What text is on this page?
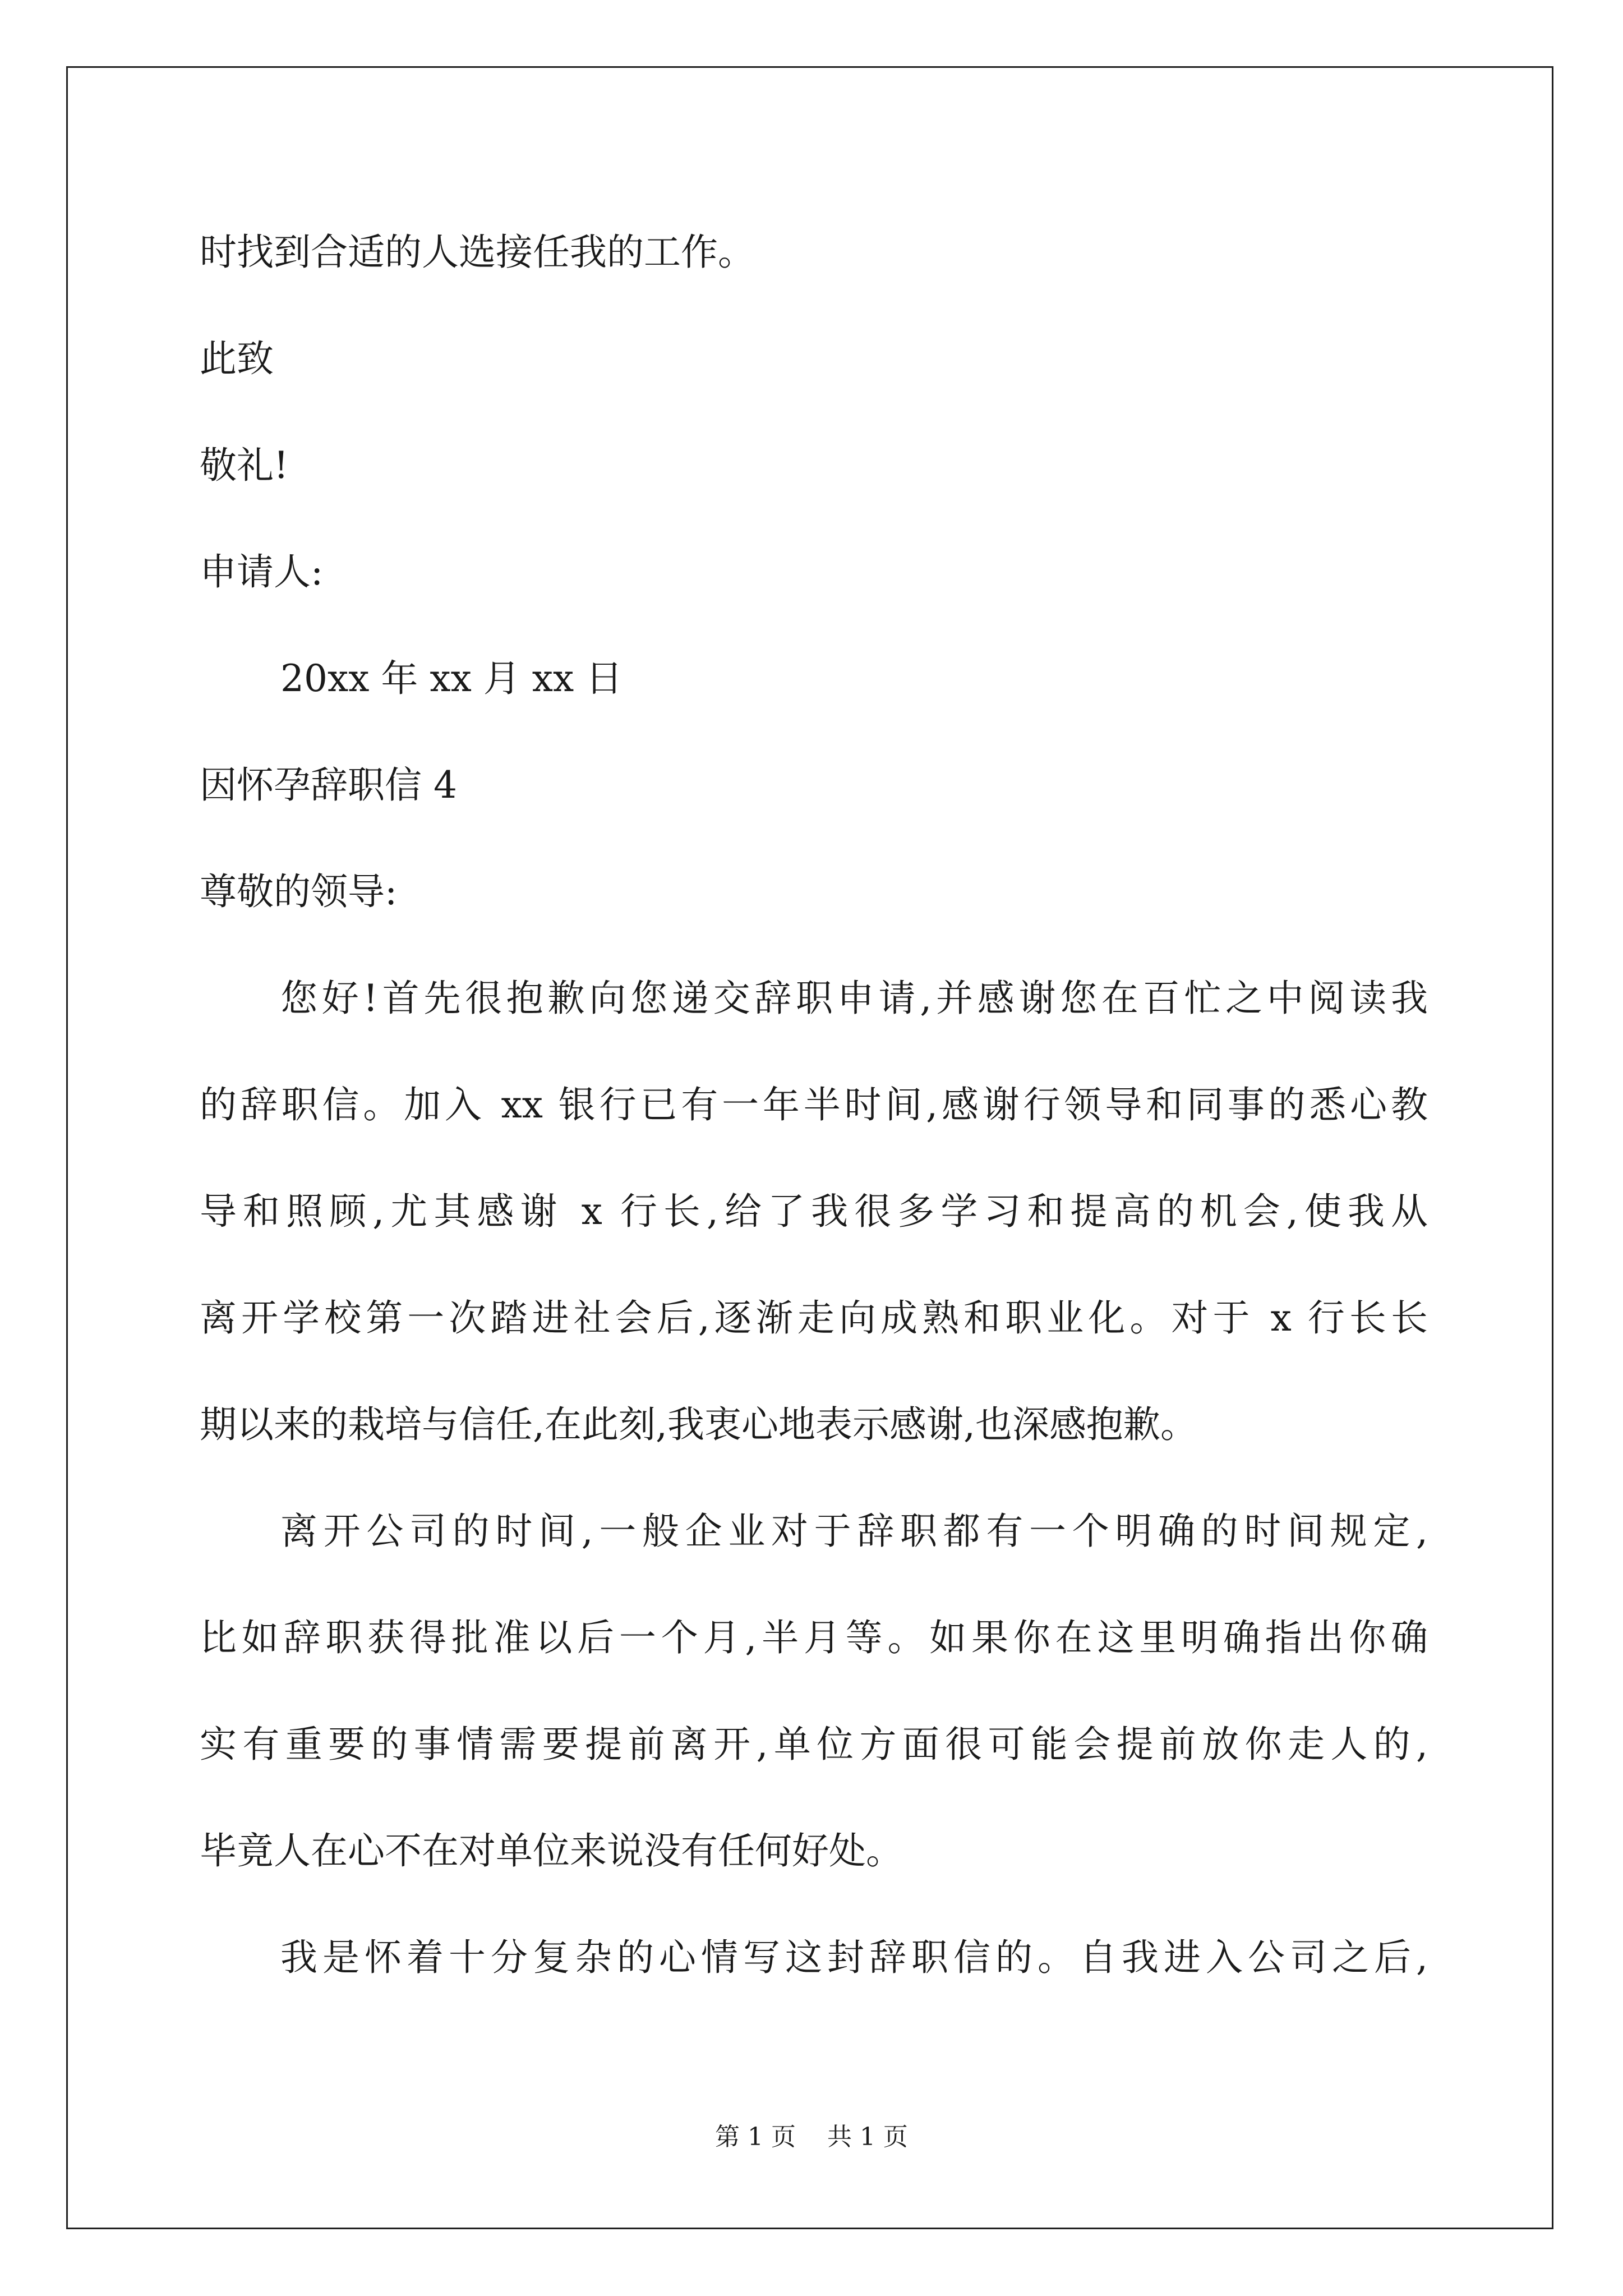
时找到合适的人选接任我的工作。
此致
敬礼!
申请人:
20xx 年 xx 月 xx 日
因怀孕辞职信 4
尊敬的领导:
您好!首先很抱歉向您递交辞职申请,并感谢您在百忙之中阅读我
的辞职信。加入 xx 银行已有一年半时间,感谢行领导和同事的悉心教
导和照顾,尤其感谢 x 行长,给了我很多学习和提高的机会,使我从
离开学校第一次踏进社会后,逐渐走向成熟和职业化。对于 x 行长长
期以来的栽培与信任,在此刻,我衷心地表示感谢,也深感抱歉。
离开公司的时间,一般企业对于辞职都有一个明确的时间规定,
比如辞职获得批准以后一个月,半月等。如果你在这里明确指出你确
实有重要的事情需要提前离开,单位方面很可能会提前放你走人的,
毕竟人在心不在对单位来说没有任何好处。
我是怀着十分复杂的心情写这封辞职信的。自我进入公司之后,
第 1 页    共 1 页
